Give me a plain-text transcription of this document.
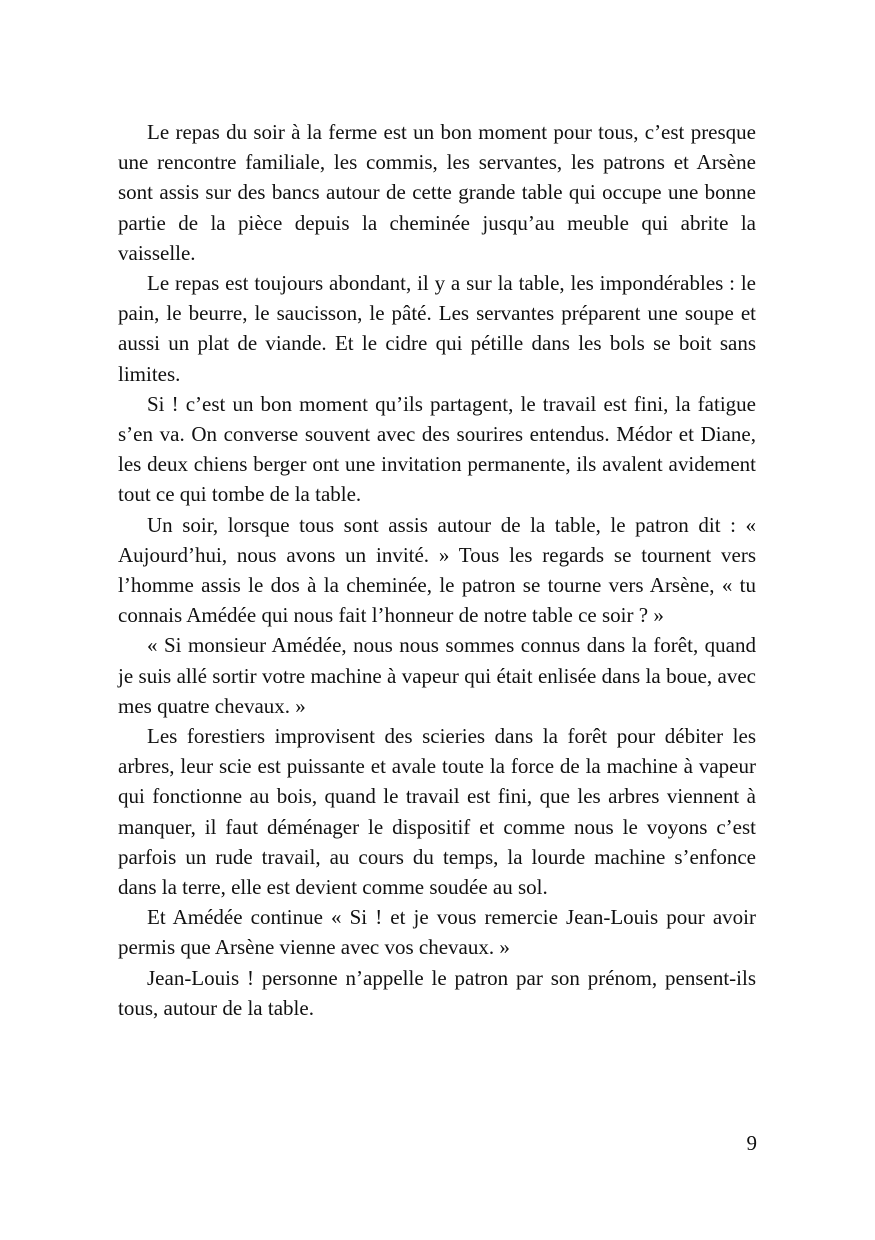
Le repas du soir à la ferme est un bon moment pour tous, c’est presque une rencontre familiale, les commis, les servantes, les patrons et Arsène sont assis sur des bancs autour de cette grande table qui occupe une bonne partie de la pièce depuis la cheminée jusqu’au meuble qui abrite la vaisselle.

Le repas est toujours abondant, il y a sur la table, les impondérables : le pain, le beurre, le saucisson, le pâté. Les servantes préparent une soupe et aussi un plat de viande. Et le cidre qui pétille dans les bols se boit sans limites.

Si ! c’est un bon moment qu’ils partagent, le travail est fini, la fatigue s’en va. On converse souvent avec des sourires entendus. Médor et Diane, les deux chiens berger ont une invitation permanente, ils avalent avidement tout ce qui tombe de la table.

Un soir, lorsque tous sont assis autour de la table, le patron dit : « Aujourd’hui, nous avons un invité. » Tous les regards se tournent vers l’homme assis le dos à la cheminée, le patron se tourne vers Arsène, « tu connais Amédée qui nous fait l’honneur de notre table ce soir ? »

« Si monsieur Amédée, nous nous sommes connus dans la forêt, quand je suis allé sortir votre machine à vapeur qui était enlisée dans la boue, avec mes quatre chevaux. »

Les forestiers improvisent des scieries dans la forêt pour débiter les arbres, leur scie est puissante et avale toute la force de la machine à vapeur qui fonctionne au bois, quand le travail est fini, que les arbres viennent à manquer, il faut déménager le dispositif et comme nous le voyons c’est parfois un rude travail, au cours du temps, la lourde machine s’enfonce dans la terre, elle est devient comme soudée au sol.

Et Amédée continue « Si ! et je vous remercie Jean-Louis pour avoir permis que Arsène vienne avec vos chevaux. »

Jean-Louis ! personne n’appelle le patron par son prénom, pensent-ils tous, autour de la table.

9
